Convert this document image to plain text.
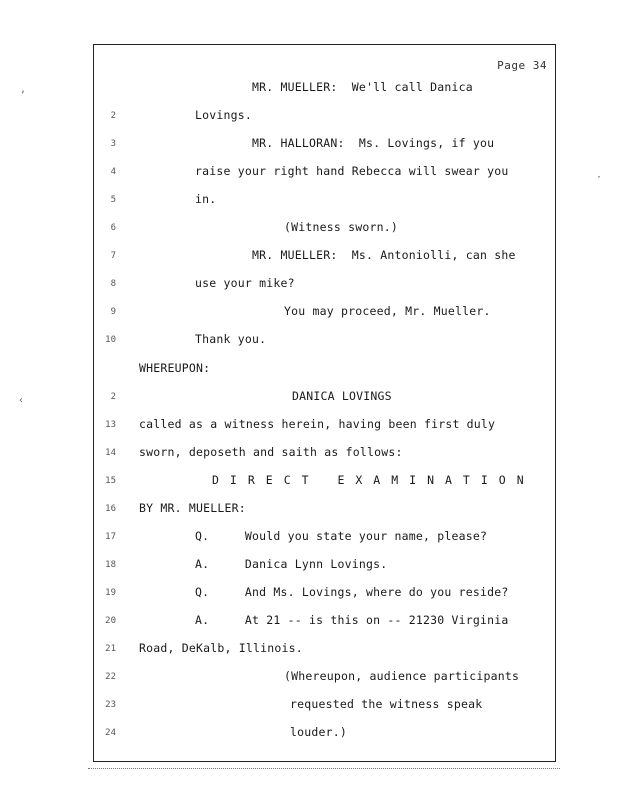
Page 34
MR. MUELLER:  We'll call Danica
2	Lovings.
3	MR. HALLORAN:  Ms. Lovings, if you
4	raise your right hand Rebecca will swear you
5	in.
6	(Witness sworn.)
7	MR. MUELLER:  Ms. Antoniolli, can she
8	use your mike?
9	You may proceed, Mr. Mueller.
10	Thank you.
WHEREUPON:
2	DANICA LOVINGS
13 called as a witness herein, having been first duly
14 sworn, deposeth and saith as follows:
15	DIRECT EXAMINATION
16 BY MR. MUELLER:
17	Q.     Would you state your name, please?
18	A.     Danica Lynn Lovings.
19	Q.     And Ms. Lovings, where do you reside?
20	A.     At 21 -- is this on -- 21230 Virginia
21 Road, DeKalb, Illinois.
22	(Whereupon, audience participants
23	requested the witness speak
24	louder.)
‚
‹
·
